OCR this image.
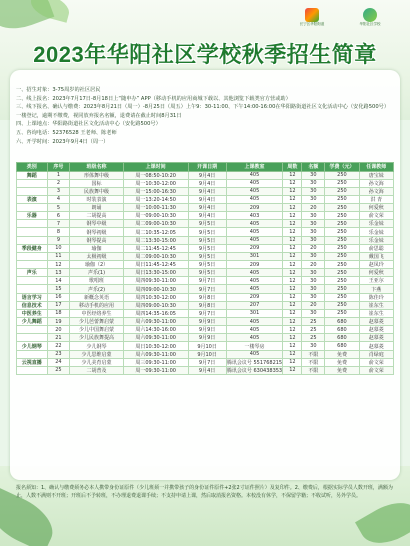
长宁区华阳街道	华阳社区学校
2023年华阳社区学校秋季招生简章
一、招生对象：3-75周岁的社区居民
二、线上报名：2023年7月17日-8月18日上“随申办” APP（移动手机的应用商城下载以、其他浏览下载类官方营或助）
三、线下报名、确认与缴费：2023年8月21日（周一）-8月25日（周五）上午9：30-11:00、下午14:00-16:00在华阳路街道社区文化活动中心（安化路500号）一楼登记，逾期不缴费，视同放弃报名名额，退费请在截止时间8月31日
四、上课地点：华阳路街道社区文化活动中心（安化路500号）
五、咨询电话：52376528 王老师、陈老师
六、开学时间：2023年9月4日（周一）
类别	序号	班级名称	上课时间	开课日期	上课教室	周数	名额	学费（元）	任课教师
舞蹈	1	形体舞中级	周一08:50-10:20	9月4日	405	12	30	250	唐宝妹
	2	国标	周一10:30-12:00	9月4日	405	12	30	250	孙文海
	3	民族舞中级	周一15:00-16:30	9月4日	405	12	30	250	孙文海
表演	4	时装表演	周一13:20-14:50	9月4日	405	12	30	250	洪 青
	5	朗诵	周一10:00-11:30	9月4日	209	12	20	250	何爱秋
乐器	6	二胡提高	周一09:00-10:30	9月4日	403	12	30	250	俞文荣
	7	钢琴中级	周二09:00-10:30	9月5日	405	12	30	250	乐金妹
	8	钢琴初级	周二10:35-12:05	9月5日	405	12	30	250	乐金妹
	9	钢琴提高	周二13:30-15:00	9月5日	405	12	30	250	乐金妹
季段健身	10	瑜伽	周二11:45-12:45	9月5日	209	12	20	250	俞思聪
	11	太极初级	周二09:00-10:30	9月5日	301	12	30	250	戴国飞
	12	瑜伽（2）	周日11:45-12:45	9月5日	209	12	20	250	赵凤玲
声乐	13	声乐(1)	周日13:30-15:00	9月5日	405	12	30	250	何爱秋
	14	歌唱班	周四09:30-11:00	9月7日	405	12	30	250	王亚尔
	15	声乐(2)	周四09:00-10:30	9月7日	405	12	30	250	卞燕
语言学习	16	新概念英语	周四10:30-12:00	9月8日	209	12	30	250	陈佳玲
信息技术	17	移动手机的应用	周四09:00-10:30	9月8日	207	12	20	250	崔东生
中医养生	18	中医经络养生	周四14:35-16:05	9月7日	301	12	30	250	崔东生
少儿舞蹈	19	少儿芭蕾舞启蒙	周六09:30-11:00	9月9日	405	12	25	680	赵慕菱
	20	少儿中国舞启蒙	周六14:30-16:00	9月9日	405	12	25	680	赵慕菱
	21	少儿民族舞提高	周六09:30-11:00	9月9日	405	12	25	680	赵慕菱
少儿钢琴	22	少儿钢琴	周日10:30-12:00	9月10日	一楼琴房	12	30	680	赵慕菱
	23	少儿思维启蒙	周六09:30-11:00	9月10日	405	12	不限	免费	肖绿庭
云视直播	24	少儿美育启蒙	周三09:30-11:00	9月7日	腾讯会议号 551768215	12	不限	免费	俞文荣
	25	二胡普及	周一09:30-11:00	9月4日	腾讯会议号 630438353	12	不限	免费	俞文荣
报名须知：1、确认与缴费须务必本人携带身份证原件（少儿班须一并携带孩子的身份证件原件+2张2寸证件照片）及复印件。2、缴费后，根据实际学员人数开班，满额为止，人数不满则不开班；开班后不予转班，不办理退费退课手续；不支持申请上课，然后取消报名资格。本校没有休学，不保留学籍；不收试听，另外学员。
